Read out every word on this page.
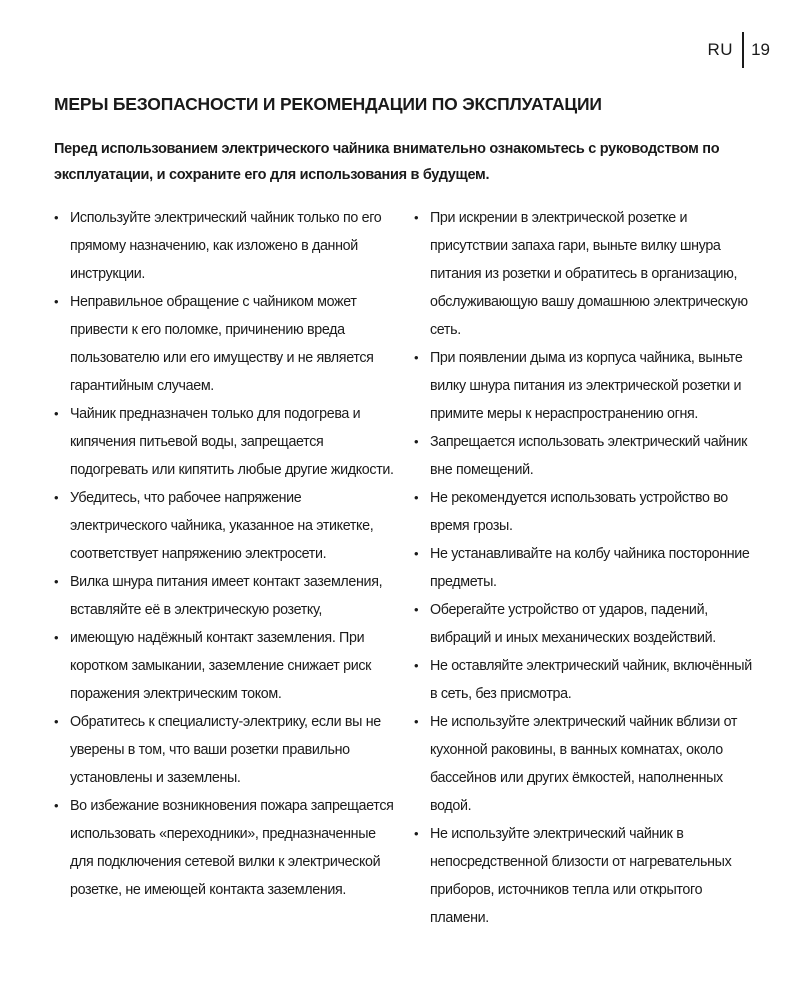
RU	19
МЕРЫ БЕЗОПАСНОСТИ И РЕКОМЕНДАЦИИ ПО ЭКСПЛУАТАЦИИ

Перед использованием электрического чайника внимательно ознакомьтесь с руководством по эксплуатации, и сохраните его для использования в будущем.

• Используйте электрический чайник только по его прямому назначению, как изложено в данной инструкции.
• Неправильное обращение с чайником может привести к его поломке, причинению вреда пользователю или его имуществу и не является гарантийным случаем.
• Чайник предназначен только для подогрева и кипячения питьевой воды, запрещается подогревать или кипятить любые другие жидкости.
• Убедитесь, что рабочее напряжение электрического чайника, указанное на этикетке, соответствует напряжению электросети.
• Вилка шнура питания имеет контакт заземления, вставляйте её в электрическую розетку,
• имеющую надёжный контакт заземления. При коротком замыкании, заземление снижает риск поражения электрическим током.
• Обратитесь к специалисту-электрику, если вы не уверены в том, что ваши розетки правильно установлены и заземлены.
• Во избежание возникновения пожара запрещается использовать «переходники», предназначенные для подключения сетевой вилки к электрической розетке, не имеющей контакта заземления.
• При искрении в электрической розетке и присутствии запаха гари, выньте вилку шнура питания из розетки и обратитесь в организацию, обслуживающую вашу домашнюю электрическую сеть.
• При появлении дыма из корпуса чайника, выньте вилку шнура питания из электрической розетки и примите меры к нераспространению огня.
• Запрещается использовать электрический чайник вне помещений.
• Не рекомендуется использовать устройство во время грозы.
• Не устанавливайте на колбу чайника посторонние предметы.
• Оберегайте устройство от ударов, падений, вибраций и иных механических воздействий.
• Не оставляйте электрический чайник, включённый в сеть, без присмотра.
• Не используйте электрический чайник вблизи от кухонной раковины, в ванных комнатах, около бассейнов или других ёмкостей, наполненных водой.
• Не используйте электрический чайник в непосредственной близости от нагревательных приборов, источников тепла или открытого пламени.
